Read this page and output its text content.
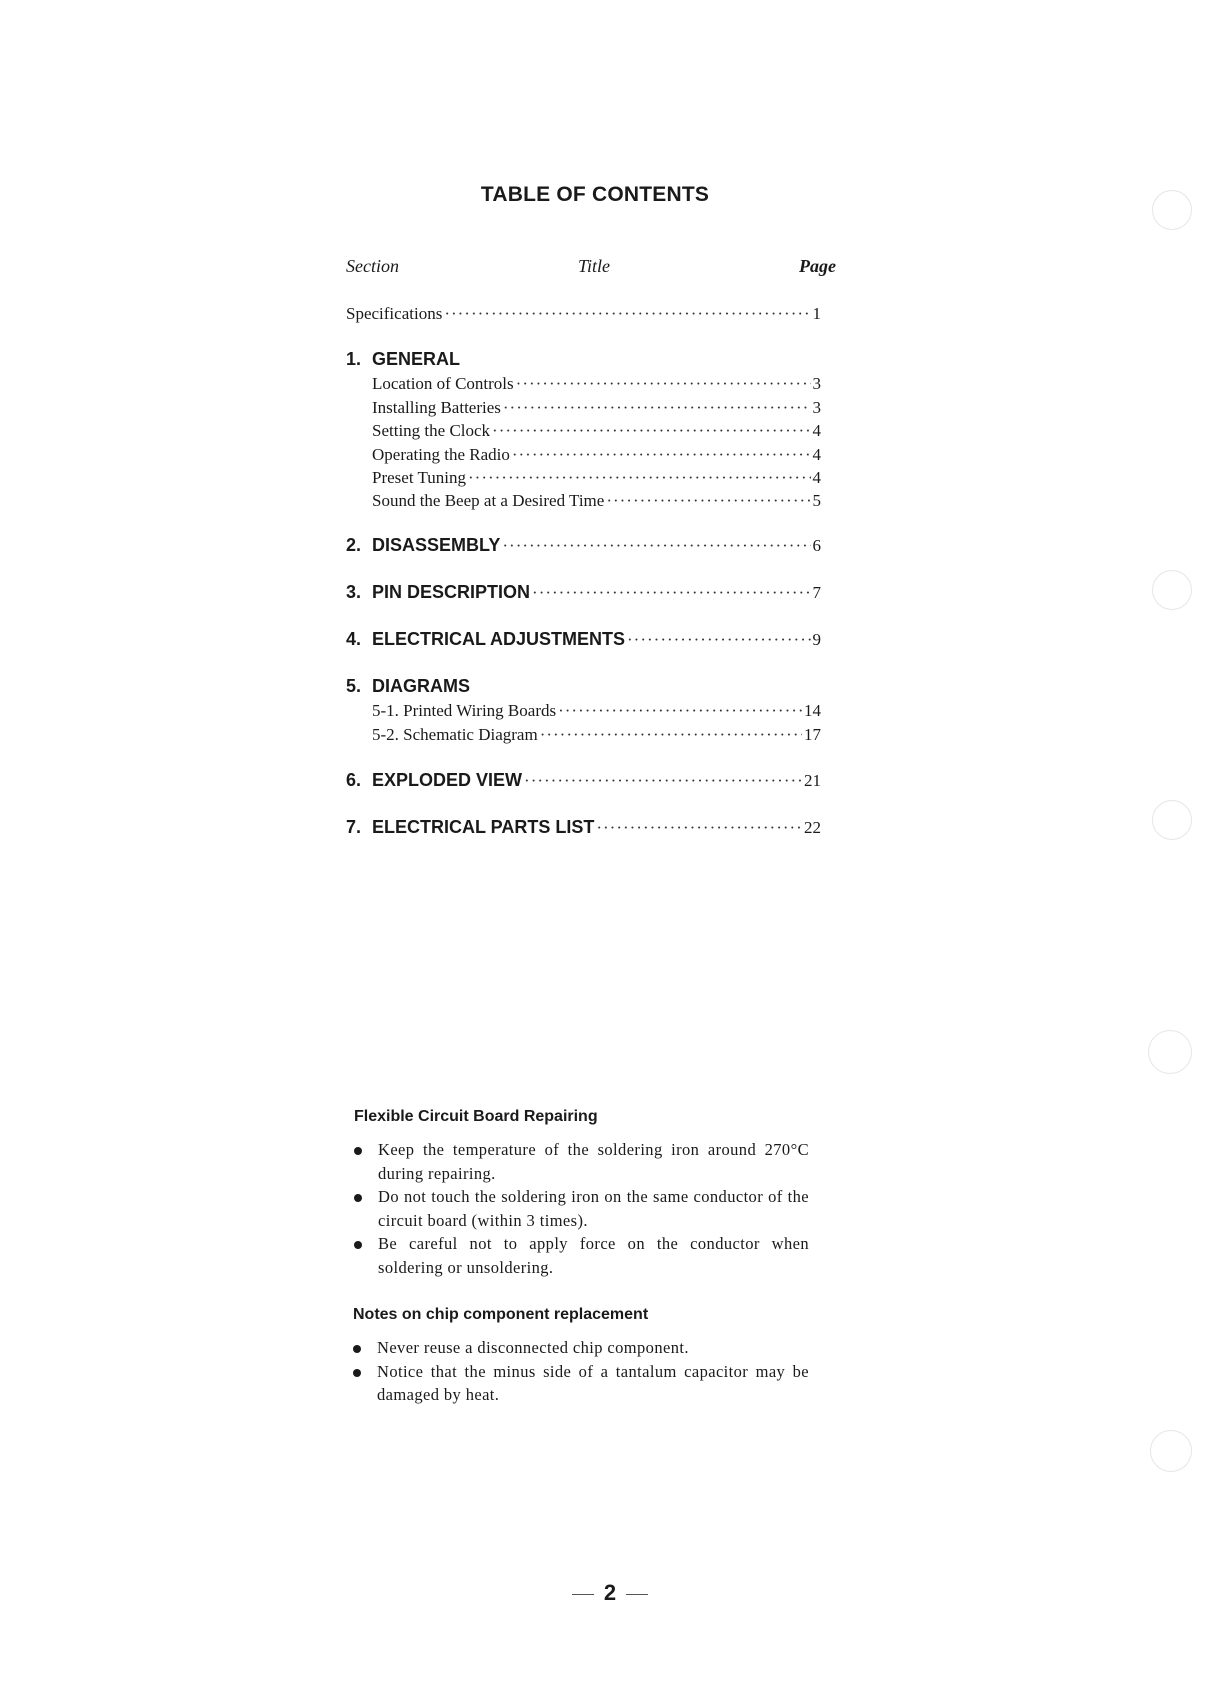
TABLE OF CONTENTS
Section	Title	Page
Specifications ·····	1
1. GENERAL
Location of Controls ·····	3
Installing Batteries ·····	3
Setting the Clock ·····	4
Operating the Radio ·····	4
Preset Tuning ·····	4
Sound the Beep at a Desired Time ·····	5
2. DISASSEMBLY ·····	6
3. PIN DESCRIPTION ·····	7
4. ELECTRICAL ADJUSTMENTS ·····	9
5. DIAGRAMS
5-1. Printed Wiring Boards ·····	14
5-2. Schematic Diagram ·····	17
6. EXPLODED VIEW ·····	21
7. ELECTRICAL PARTS LIST ·····	22
Flexible Circuit Board Repairing
Keep the temperature of the soldering iron around 270°C during repairing.
Do not touch the soldering iron on the same conductor of the circuit board (within 3 times).
Be careful not to apply force on the conductor when soldering or unsoldering.
Notes on chip component replacement
Never reuse a disconnected chip component.
Notice that the minus side of a tantalum capacitor may be damaged by heat.
2
